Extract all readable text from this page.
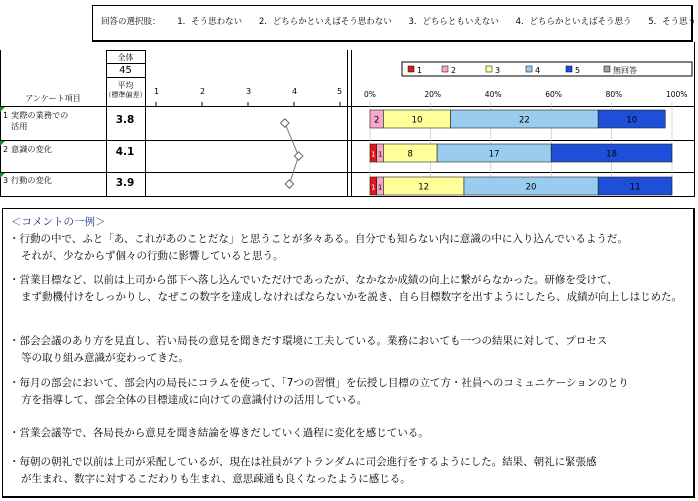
回答の選択肢： 1．そう思わない 2．どちらかといえばそう思わない 3．どちらともいえない 4．どちらかといえばそう思う 5．そう思う
全体
45
平均
（標準偏差）
アンケート項目
1	2	3	4	5
1 実際の業務での
活用	3.8
2 意識の変化	4.1
3 行動の変化	3.9
1	2	3	4	5	無回答
0%	20%	40%	60%	80%	100%
2	10	22	10
1 1	8	17	18
1 1	12	20	11
＜コメントの一例＞
・行動の中で、ふと「あ、これがあのことだな」と思うことが多々ある。自分でも知らない内に意識の中に入り込んでいるようだ。
それが、少なからず個々の行動に影響していると思う。
・営業目標など、以前は上司から部下へ落し込んでいただけであったが、なかなか成績の向上に繋がらなかった。研修を受けて、
まず動機付けをしっかりし、なぜこの数字を達成しなければならないかを説き、自ら目標数字を出すようにしたら、成績が向上しはじめた。
・部会会議のあり方を見直し、若い局長の意見を聞きだす環境に工夫している。業務においても一つの結果に対して、プロセス
等の取り組み意識が変わってきた。
・毎月の部会において、部会内の局長にコラムを使って、「7つの習慣」を伝授し目標の立て方・社員へのコミュニケーションのとり
方を指導して、部会全体の目標達成に向けての意識付けの活用している。
・営業会議等で、各局長から意見を聞き結論を導きだしていく過程に変化を感じている。
・毎朝の朝礼で以前は上司が采配しているが、現在は社員がアトランダムに司会進行をするようにした。結果、朝礼に緊張感
が生まれ、数字に対するこだわりも生まれ、意思疎通も良くなったように感じる。
